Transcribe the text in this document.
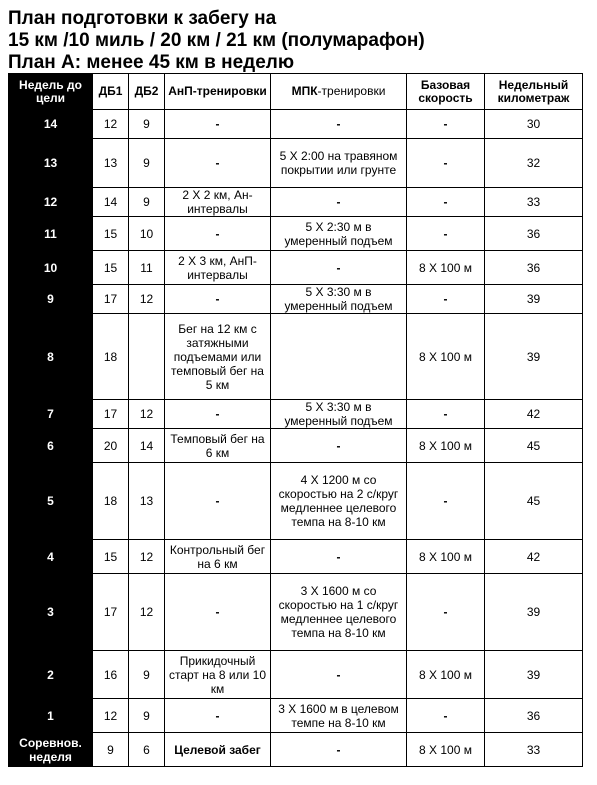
План подготовки к забегу на
15 км /10 миль / 20 км / 21 км (полумарафон)
План А: менее 45 км в неделю
Недель до цели	ДБ1	ДБ2	АнП-тренировки	МПК-тренировки	Базовая скорость	Недельный километраж
14	12	9	-	-	-	30
13	13	9	-	5 Х 2:00 на травяном покрытии или грунте	-	32
12	14	9	2 Х 2 км, Ан-интервалы	-	-	33
11	15	10	-	5 Х 2:30 м в умеренный подъем	-	36
10	15	11	2 Х 3 км, АнП-интервалы	-	8 Х 100 м	36
9	17	12	-	5 Х 3:30 м в умеренный подъем	-	39
8	18		Бег на 12 км с затяжными подъемами или темповый бег на 5 км		8 Х 100 м	39
7	17	12	-	5 Х 3:30 м в умеренный подъем	-	42
6	20	14	Темповый бег на 6 км	-	8 Х 100 м	45
5	18	13	-	4 Х 1200 м со скоростью на 2 с/круг медленнее целевого темпа на 8-10 км	-	45
4	15	12	Контрольный бег на 6 км	-	8 Х 100 м	42
3	17	12	-	3 Х 1600 м со скоростью на 1 с/круг медленнее целевого темпа на 8-10 км	-	39
2	16	9	Прикидочный старт на 8 или 10 км	-	8 Х 100 м	39
1	12	9	-	3 Х 1600 м в целевом темпе на 8-10 км	-	36
Соревнов. неделя	9	6	Целевой забег	-	8 Х 100 м	33
